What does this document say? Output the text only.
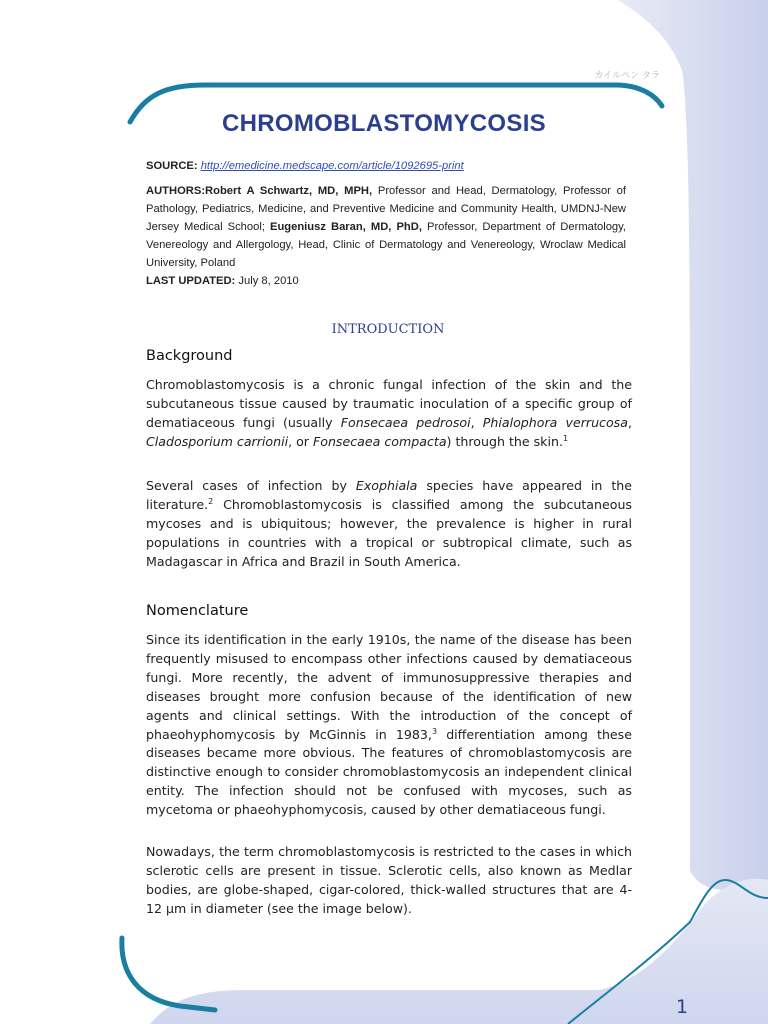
カイルペン タラ
CHROMOBLASTOMYCOSIS
SOURCE: http://emedicine.medscape.com/article/1092695-print
AUTHORS:Robert A Schwartz, MD, MPH, Professor and Head, Dermatology, Professor of Pathology, Pediatrics, Medicine, and Preventive Medicine and Community Health, UMDNJ-New Jersey Medical School; Eugeniusz Baran, MD, PhD, Professor, Department of Dermatology, Venereology and Allergology, Head, Clinic of Dermatology and Venereology, Wroclaw Medical University, Poland
LAST UPDATED: July 8, 2010
INTRODUCTION
Background

Chromoblastomycosis is a chronic fungal infection of the skin and the subcutaneous tissue caused by traumatic inoculation of a specific group of dematiaceous fungi (usually Fonsecaea pedrosoi, Phialophora verrucosa, Cladosporium carrionii, or Fonsecaea compacta) through the skin.$^1$

Several cases of infection by Exophiala species have appeared in the literature.$^2$ Chromoblastomycosis is classified among the subcutaneous mycoses and is ubiquitous; however, the prevalence is higher in rural populations in countries with a tropical or subtropical climate, such as Madagascar in Africa and Brazil in South America.

Nomenclature

Since its identification in the early 1910s, the name of the disease has been frequently misused to encompass other infections caused by dematiaceous fungi. More recently, the advent of immunosuppressive therapies and diseases brought more confusion because of the identification of new agents and clinical settings. With the introduction of the concept of phaeohyphomycosis by McGinnis in 1983,$^3$ differentiation among these diseases became more obvious. The features of chromoblastomycosis are distinctive enough to consider chromoblastomycosis an independent clinical entity. The infection should not be confused with mycoses, such as mycetoma or phaeohyphomycosis, caused by other dematiaceous fungi.

Nowadays, the term chromoblastomycosis is restricted to the cases in which sclerotic cells are present in tissue. Sclerotic cells, also known as Medlar bodies, are globe-shaped, cigar-colored, thick-walled structures that are 4-12 µm in diameter (see the image below).

1
